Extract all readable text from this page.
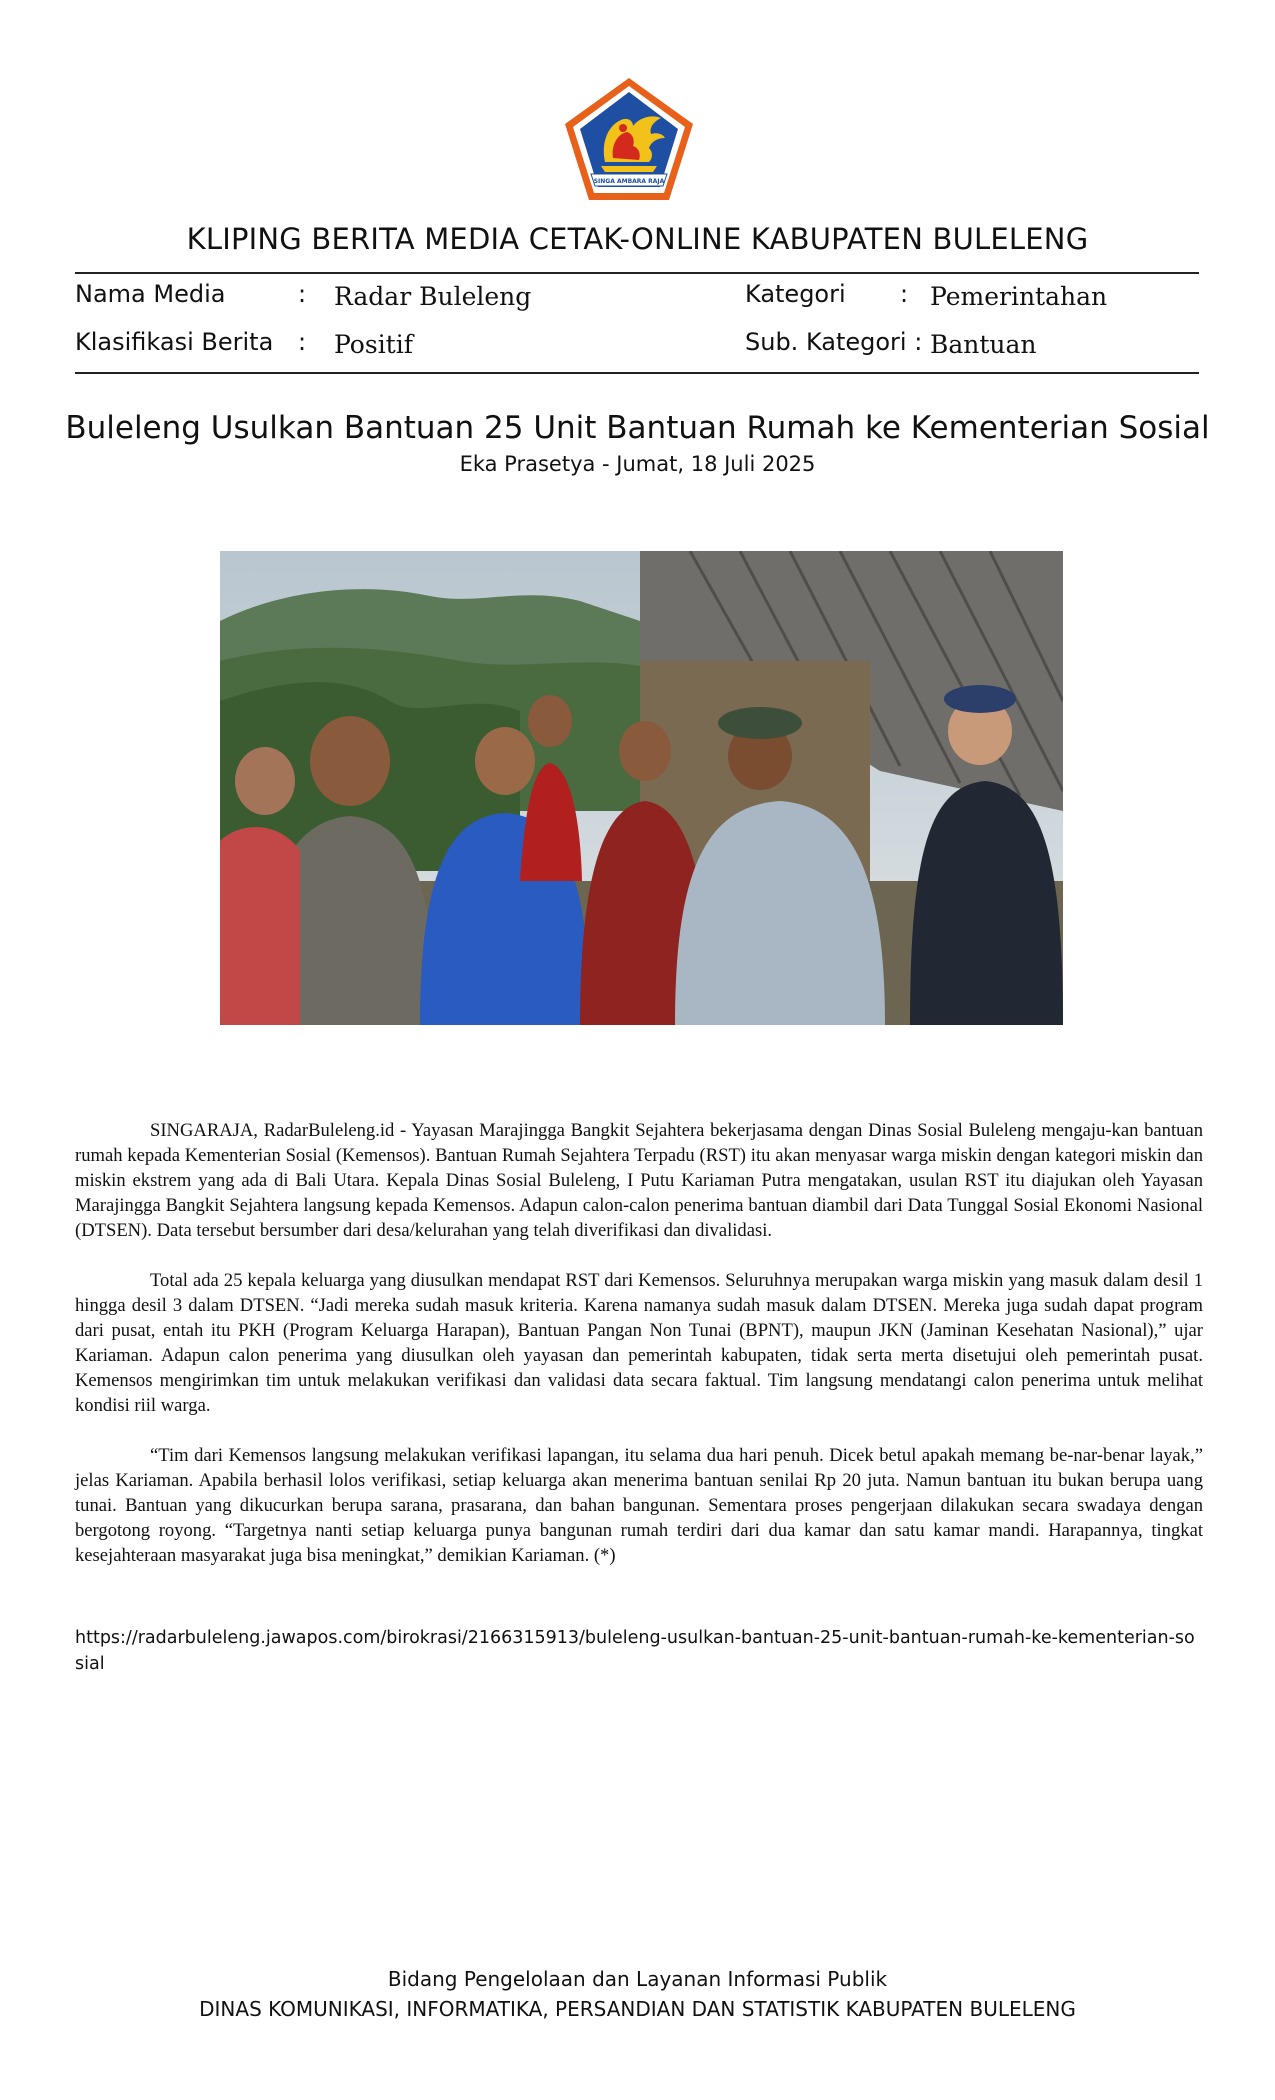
SINGA AMBARA RAJA
KLIPING BERITA MEDIA CETAK-ONLINE KABUPATEN BULELENG
Nama Media	: Radar Buleleng
Klasifikasi Berita : Positif
Kategori : Pemerintahan
Sub. Kategori : Bantuan
Buleleng Usulkan Bantuan 25 Unit Bantuan Rumah ke Kementerian Sosial
Eka Prasetya - Jumat, 18 Juli 2025

SINGARAJA, RadarBuleleng.id - Yayasan Marajingga Bangkit Sejahtera bekerjasama dengan Dinas Sosial Buleleng mengaju-kan bantuan rumah kepada Kementerian Sosial (Kemensos). Bantuan Rumah Sejahtera Terpadu (RST) itu akan menyasar warga miskin dengan kategori miskin dan miskin ekstrem yang ada di Bali Utara. Kepala Dinas Sosial Buleleng, I Putu Kariaman Putra mengatakan, usulan RST itu diajukan oleh Yayasan Marajingga Bangkit Sejahtera langsung kepada Kemensos. Adapun calon-calon penerima bantuan diambil dari Data Tunggal Sosial Ekonomi Nasional (DTSEN). Data tersebut bersumber dari desa/kelurahan yang telah diverifikasi dan divalidasi.

Total ada 25 kepala keluarga yang diusulkan mendapat RST dari Kemensos. Seluruhnya merupakan warga miskin yang masuk dalam desil 1 hingga desil 3 dalam DTSEN. “Jadi mereka sudah masuk kriteria. Karena namanya sudah masuk dalam DTSEN. Mereka juga sudah dapat program dari pusat, entah itu PKH (Program Keluarga Harapan), Bantuan Pangan Non Tunai (BPNT), maupun JKN (Jaminan Kesehatan Nasional),” ujar Kariaman. Adapun calon penerima yang diusulkan oleh yayasan dan pemerintah kabupaten, tidak serta merta disetujui oleh pemerintah pusat. Kemensos mengirimkan tim untuk melakukan verifikasi dan validasi data secara faktual. Tim langsung mendatangi calon penerima untuk melihat kondisi riil warga.

“Tim dari Kemensos langsung melakukan verifikasi lapangan, itu selama dua hari penuh. Dicek betul apakah memang be-nar-benar layak,” jelas Kariaman. Apabila berhasil lolos verifikasi, setiap keluarga akan menerima bantuan senilai Rp 20 juta. Namun bantuan itu bukan berupa uang tunai. Bantuan yang dikucurkan berupa sarana, prasarana, dan bahan bangunan. Sementara proses pengerjaan dilakukan secara swadaya dengan bergotong royong. “Targetnya nanti setiap keluarga punya bangunan rumah terdiri dari dua kamar dan satu kamar mandi. Harapannya, tingkat kesejahteraan masyarakat juga bisa meningkat,” demikian Kariaman. (*)

https://radarbuleleng.jawapos.com/birokrasi/2166315913/buleleng-usulkan-bantuan-25-unit-bantuan-rumah-ke-kementerian-sosial
Bidang Pengelolaan dan Layanan Informasi Publik
DINAS KOMUNIKASI, INFORMATIKA, PERSANDIAN DAN STATISTIK KABUPATEN BULELENG
